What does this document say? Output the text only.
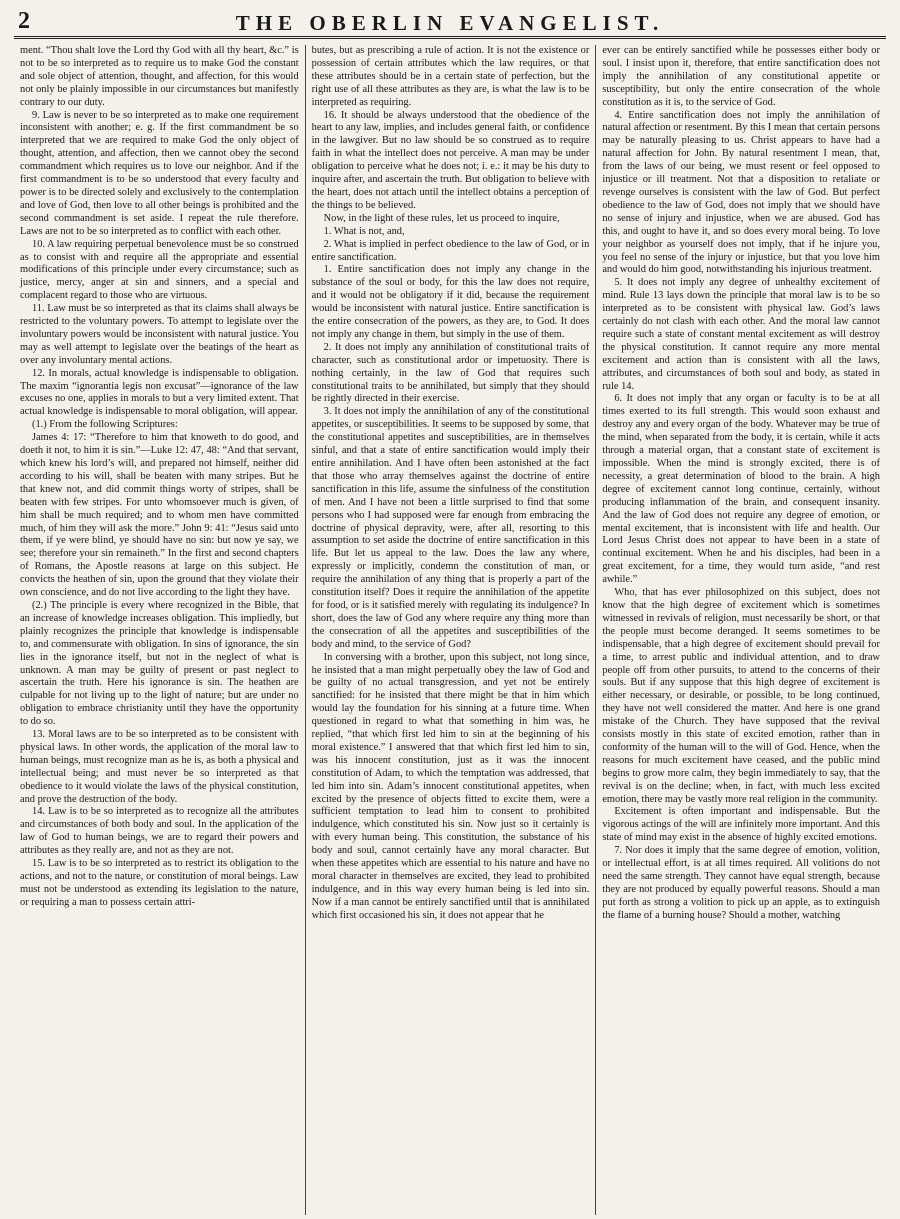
2	THE OBERLIN EVANGELIST.

ment. “Thou shalt love the Lord thy God with all thy heart, &c.” is not to be so interpreted as to require us to make God the constant and sole object of attention, thought, and affection, for this would not only be plainly impossible in our circumstances but manifestly contrary to our duty.

9. Law is never to be so interpreted as to make one requirement inconsistent with another; e. g. If the first commandment be so interpreted that we are required to make God the only object of thought, attention, and affection, then we cannot obey the second commandment which requires us to love our neighbor. And if the first commandment is to be so understood that every faculty and power is to be directed solely and exclusively to the contemplation and love of God, then love to all other beings is prohibited and the second commandment is set aside. I repeat the rule therefore. Laws are not to be so interpreted as to conflict with each other.

10. A law requiring perpetual benevolence must be so construed as to consist with and require all the appropriate and essential modifications of this principle under every circumstance; such as justice, mercy, anger at sin and sinners, and a special and complacent regard to those who are virtuous.

11. Law must be so interpreted as that its claims shall always be restricted to the voluntary powers. To attempt to legislate over the involuntary powers would be inconsistent with natural justice. You may as well attempt to legislate over the beatings of the heart as over any involuntary mental actions.

12. In morals, actual knowledge is indispensable to obligation. The maxim “ignorantia legis non excusat”—ignorance of the law excuses no one, applies in morals to but a very limited extent. That actual knowledge is indispensable to moral obligation, will appear.

(1.) From the following Scriptures:

James 4: 17: “Therefore to him that knoweth to do good, and doeth it not, to him it is sin.”—Luke 12: 47, 48: “And that servant, which knew his lord’s will, and prepared not himself, neither did according to his will, shall be beaten with many stripes. But he that knew not, and did commit things worty of stripes, shall be beaten with few stripes. For unto whomsoever much is given, of him shall be much required; and to whom men have committed much, of him they will ask the more.” John 9: 41: “Jesus said unto them, if ye were blind, ye should have no sin: but now ye say, we see; therefore your sin remaineth.” In the first and second chapters of Romans, the Apostle reasons at large on this subject. He convicts the heathen of sin, upon the ground that they violate their own conscience, and do not live according to the light they have.

(2.) The principle is every where recognized in the Bible, that an increase of knowledge increases obligation. This impliedly, but plainly recognizes the principle that knowledge is indispensable to, and commensurate with obligation. In sins of ignorance, the sin lies in the ignorance itself, but not in the neglect of what is unknown. A man may be guilty of present or past neglect to ascertain the truth. Here his ignorance is sin. The heathen are culpable for not living up to the light of nature; but are under no obligation to embrace christianity until they have the opportunity to do so.

13. Moral laws are to be so interpreted as to be consistent with physical laws. In other words, the application of the moral law to human beings, must recognize man as he is, as both a physical and intellectual being; and must never be so interpreted as that obedience to it would violate the laws of the physical constitution, and prove the destruction of the body.

14. Law is to be so interpreted as to recognize all the attributes and circumstances of both body and soul. In the application of the law of God to human beings, we are to regard their powers and attributes as they really are, and not as they are not.

15. Law is to be so interpreted as to restrict its obligation to the actions, and not to the nature, or constitution of moral beings. Law must not be understood as extending its legislation to the nature, or requiring a man to possess certain attri-

butes, but as prescribing a rule of action. It is not the existence or possession of certain attributes which the law requires, or that these attributes should be in a certain state of perfection, but the right use of all these attributes as they are, is what the law is to be interpreted as requiring.

16. It should be always understood that the obedience of the heart to any law, implies, and includes general faith, or confidence in the lawgiver. But no law should be so construed as to require faith in what the intellect does not perceive. A man may be under obligation to perceive what he does not; i. e.: it may be his duty to inquire after, and ascertain the truth. But obligation to believe with the heart, does not attach until the intellect obtains a perception of the things to be believed.

Now, in the light of these rules, let us proceed to inquire,

1. What is not, and,

2. What is implied in perfect obedience to the law of God, or in entire sanctification.

1. Entire sanctification does not imply any change in the substance of the soul or body, for this the law does not require, and it would not be obligatory if it did, because the requirement would be inconsistent with natural justice. Entire sanctification is the entire consecration of the powers, as they are, to God. It does not imply any change in them, but simply in the use of them.

2. It does not imply any annihilation of constitutional traits of character, such as constitutional ardor or impetuosity. There is nothing certainly, in the law of God that requires such constitutional traits to be annihilated, but simply that they should be rightly directed in their exercise.

3. It does not imply the annihilation of any of the constitutional appetites, or susceptibilities. It seems to be supposed by some, that the constitutional appetites and susceptibilities, are in themselves sinful, and that a state of entire sanctification would imply their entire annihilation. And I have often been astonished at the fact that those who array themselves against the doctrine of entire sanctification in this life, assume the sinfulness of the constitution of men. And I have not been a little surprised to find that some persons who I had supposed were far enough from embracing the doctrine of physical depravity, were, after all, resorting to this assumption to set aside the doctrine of entire sanctification in this life. But let us appeal to the law. Does the law any where, expressly or implicitly, condemn the constitution of man, or require the annihilation of any thing that is properly a part of the constitution itself? Does it require the annihilation of the appetite for food, or is it satisfied merely with regulating its indulgence? In short, does the law of God any where require any thing more than the consecration of all the appetites and susceptibilities of the body and mind, to the service of God?

In conversing with a brother, upon this subject, not long since, he insisted that a man might perpetually obey the law of God and be guilty of no actual transgression, and yet not be entirely sanctified: for he insisted that there might be that in him which would lay the foundation for his sinning at a future time. When questioned in regard to what that something in him was, he replied, “that which first led him to sin at the beginning of his moral existence.” I answered that that which first led him to sin, was his innocent constitution, just as it was the innocent constitution of Adam, to which the temptation was addressed, that led him into sin. Adam’s innocent constitutional appetites, when excited by the presence of objects fitted to excite them, were a sufficient temptation to lead him to consent to prohibited indulgence, which constituted his sin. Now just so it certainly is with every human being. This constitution, the substance of his body and soul, cannot certainly have any moral character. But when these appetites which are essential to his nature and have no moral character in themselves are excited, they lead to prohibited indulgence, and in this way every human being is led into sin. Now if a man cannot be entirely sanctified until that is annihilated which first occasioned his sin, it does not appear that he

ever can be entirely sanctified while he possesses either body or soul. I insist upon it, therefore, that entire sanctification does not imply the annihilation of any constitutional appetite or susceptibility, but only the entire consecration of the whole constitution as it is, to the service of God.

4. Entire sanctification does not imply the annihilation of natural affection or resentment. By this I mean that certain persons may be naturally pleasing to us. Christ appears to have had a natural affection for John. By natural resentment I mean, that, from the laws of our being, we must resent or feel opposed to injustice or ill treatment. Not that a disposition to retaliate or revenge ourselves is consistent with the law of God. But perfect obedience to the law of God, does not imply that we should have no sense of injury and injustice, when we are abused. God has this, and ought to have it, and so does every moral being. To love your neighbor as yourself does not imply, that if he injure you, you feel no sense of the injury or injustice, but that you love him and would do him good, notwithstanding his injurious treatment.

5. It does not imply any degree of unhealthy excitement of mind. Rule 13 lays down the principle that moral law is to be so interpreted as to be consistent with physical law. God’s laws certainly do not clash with each other. And the moral law cannot require such a state of constant mental excitement as will destroy the physical constitution. It cannot require any more mental excitement and action than is consistent with all the laws, attributes, and circumstances of both soul and body, as stated in rule 14.

6. It does not imply that any organ or faculty is to be at all times exerted to its full strength. This would soon exhaust and destroy any and every organ of the body. Whatever may be true of the mind, when separated from the body, it is certain, while it acts through a material organ, that a constant state of excitement is impossible. When the mind is strongly excited, there is of necessity, a great determination of blood to the brain. A high degree of excitement cannot long continue, certainly, without producing inflammation of the brain, and consequent insanity. And the law of God does not require any degree of emotion, or mental excitement, that is inconsistent with life and health. Our Lord Jesus Christ does not appear to have been in a state of continual excitement. When he and his disciples, had been in a great excitement, for a time, they would turn aside, “and rest awhile.”

Who, that has ever philosophized on this subject, does not know that the high degree of excitement which is sometimes witnessed in revivals of religion, must necessarily be short, or that the people must become deranged. It seems sometimes to be indispensable, that a high degree of excitement should prevail for a time, to arrest public and individual attention, and to draw people off from other pursuits, to attend to the concerns of their souls. But if any suppose that this high degree of excitement is either necessary, or desirable, or possible, to be long continued, they have not well considered the matter. And here is one grand mistake of the Church. They have supposed that the revival consists mostly in this state of excited emotion, rather than in conformity of the human will to the will of God. Hence, when the reasons for much excitement have ceased, and the public mind begins to grow more calm, they begin immediately to say, that the revival is on the decline; when, in fact, with much less excited emotion, there may be vastly more real religion in the community.

Excitement is often important and indispensable. But the vigorous actings of the will are infinitely more important. And this state of mind may exist in the absence of highly excited emotions.

7. Nor does it imply that the same degree of emotion, volition, or intellectual effort, is at all times required. All volitions do not need the same strength. They cannot have equal strength, because they are not produced by equally powerful reasons. Should a man put forth as strong a volition to pick up an apple, as to extinguish the flame of a burning house? Should a mother, watching
